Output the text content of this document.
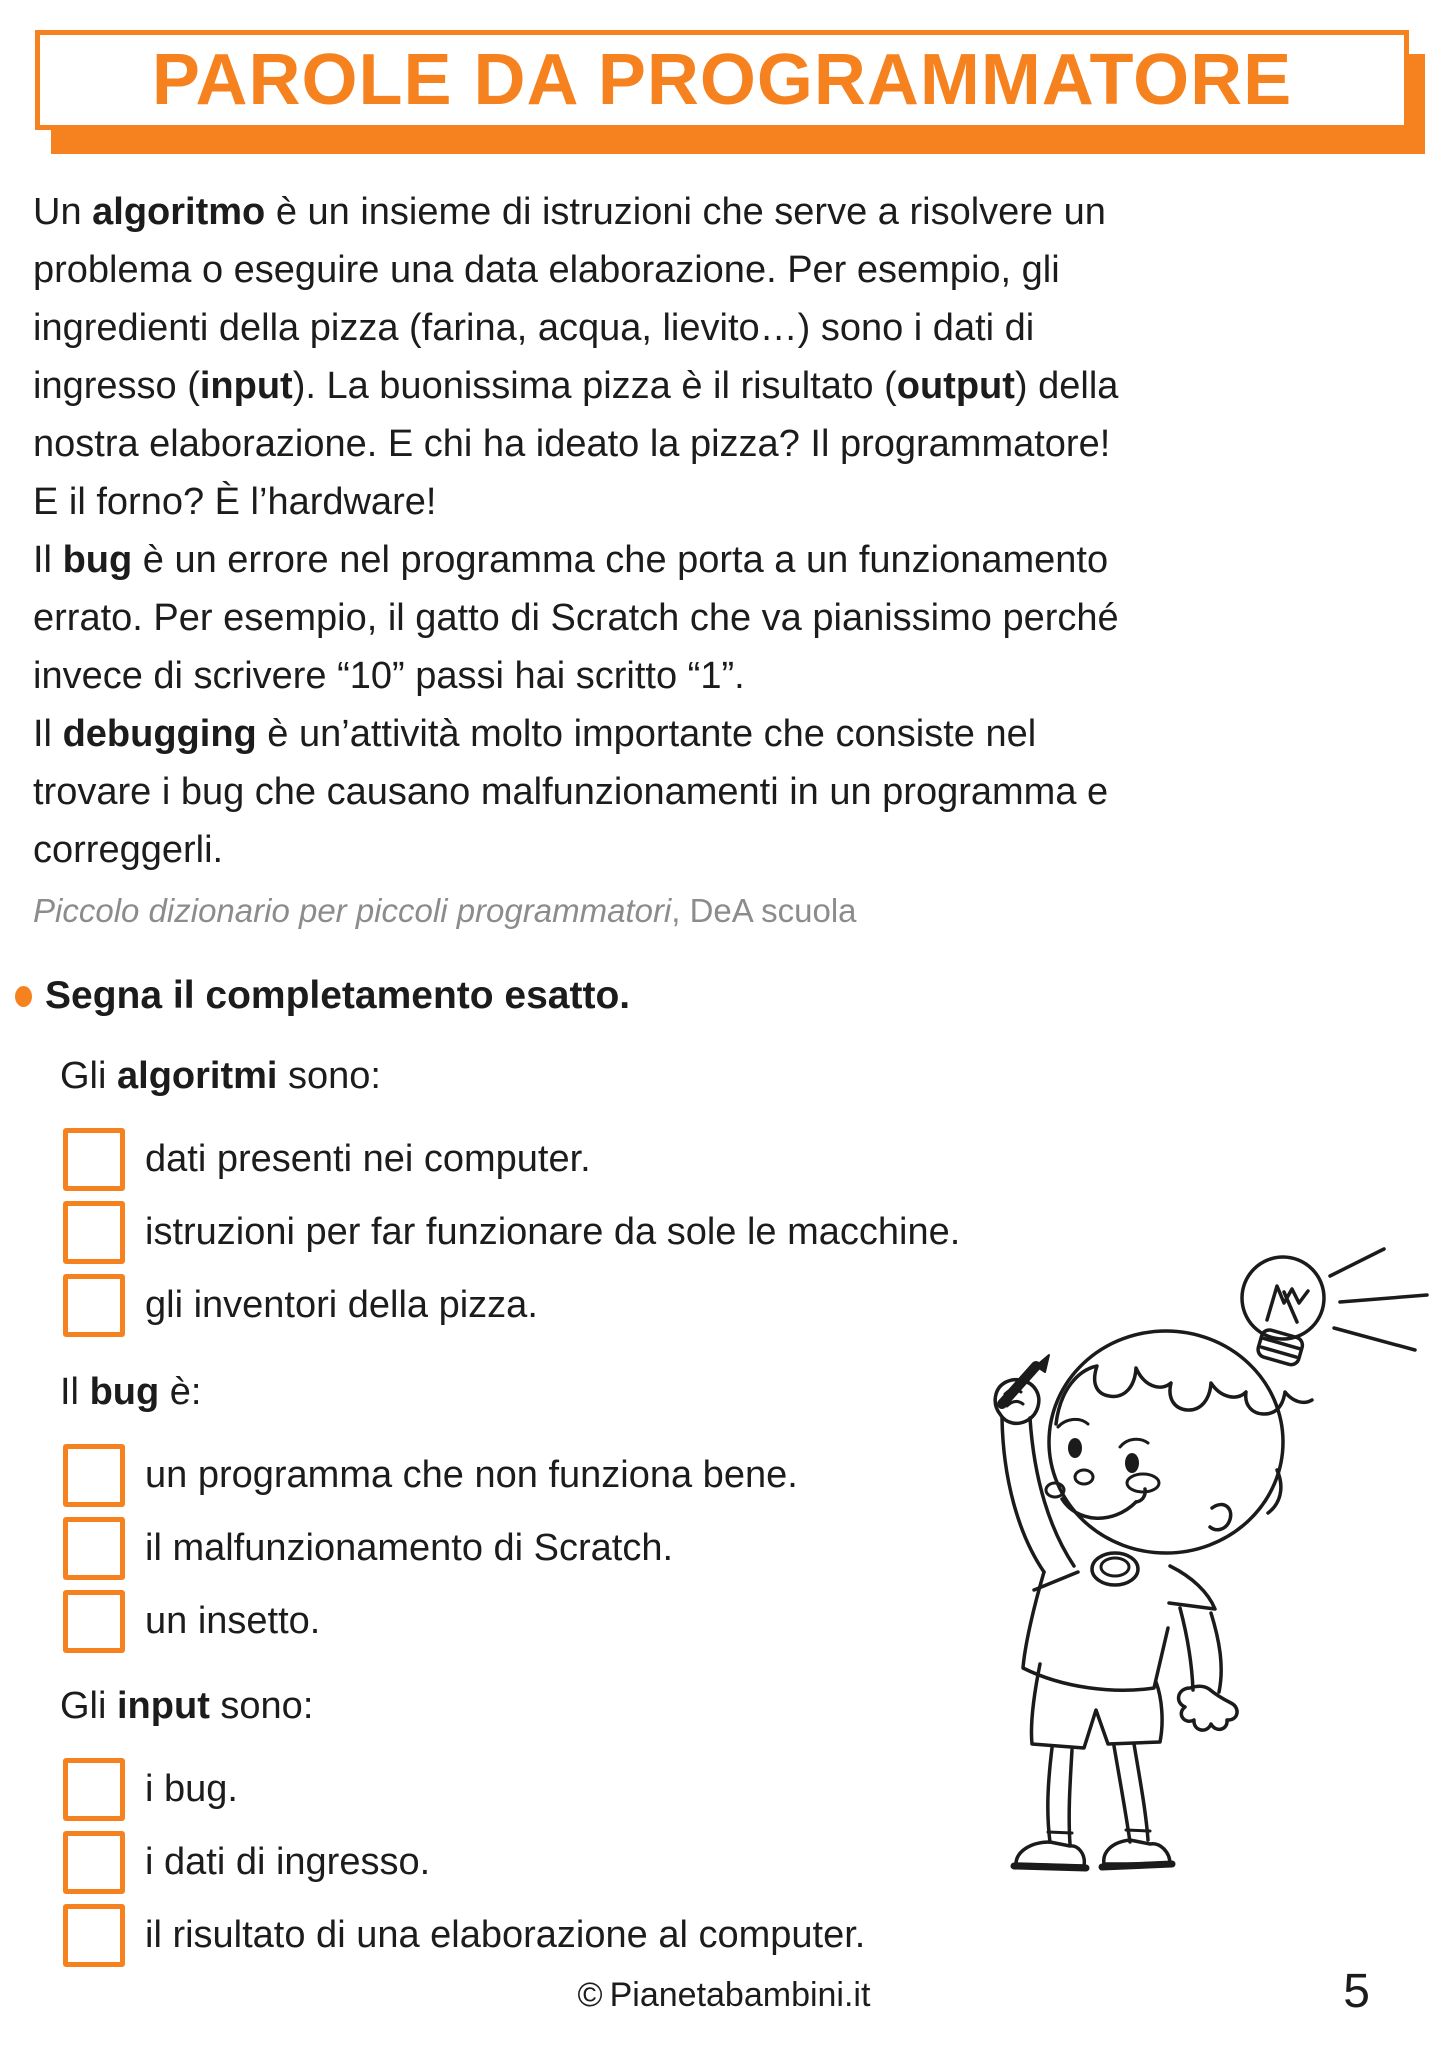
PAROLE DA PROGRAMMATORE
Un algoritmo è un insieme di istruzioni che serve a risolvere un
problema o eseguire una data elaborazione. Per esempio, gli
ingredienti della pizza (farina, acqua, lievito…) sono i dati di
ingresso (input). La buonissima pizza è il risultato (output) della
nostra elaborazione. E chi ha ideato la pizza? Il programmatore!
E il forno? È l’hardware!
Il bug è un errore nel programma che porta a un funzionamento
errato. Per esempio, il gatto di Scratch che va pianissimo perché
invece di scrivere “10” passi hai scritto “1”.
Il debugging è un’attività molto importante che consiste nel
trovare i bug che causano malfunzionamenti in un programma e
correggerli.
Piccolo dizionario per piccoli programmatori, DeA scuola
Segna il completamento esatto.
Gli algoritmi sono:
dati presenti nei computer.
istruzioni per far funzionare da sole le macchine.
gli inventori della pizza.
Il bug è:
un programma che non funziona bene.
il malfunzionamento di Scratch.
un insetto.
Gli input sono:
i bug.
i dati di ingresso.
il risultato di una elaborazione al computer.
© Pianetabambini.it	5
